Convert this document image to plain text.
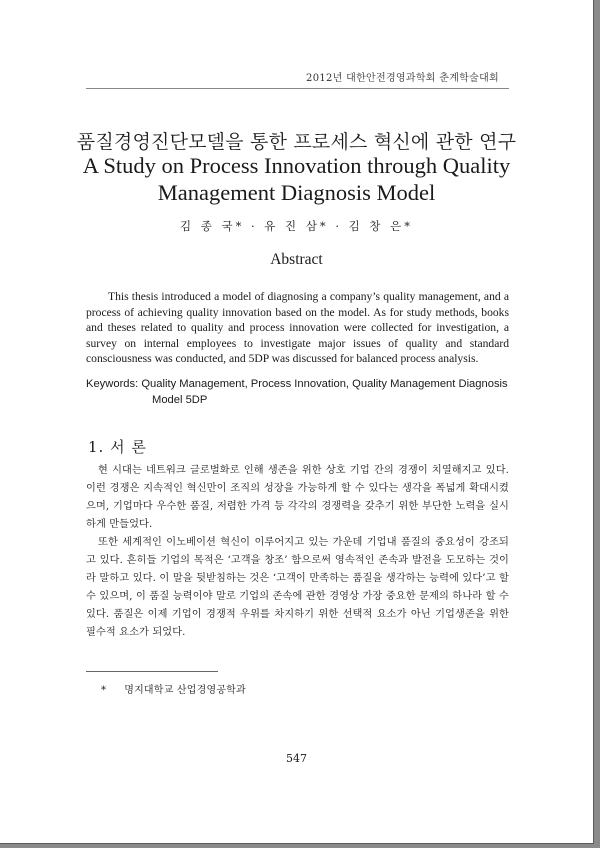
2012년 대한안전경영과학회 춘계학술대회
품질경영진단모델을 통한 프로세스 혁신에 관한 연구
A Study on Process Innovation through Quality
Management Diagnosis Model
김 종 국* · 유 진 삼* · 김 창 은*
Abstract
This thesis introduced a model of diagnosing a company’s quality management, and a process of achieving quality innovation based on the model. As for study methods, books and theses related to quality and process innovation were collected for investigation, a survey on internal employees to investigate major issues of quality and standard consciousness was conducted, and 5DP was discussed for balanced process analysis.
Keywords: Quality Management, Process Innovation, Quality Management Diagnosis
Model 5DP
1. 서 론

현 시대는 네트워크 글로벌화로 인해 생존을 위한 상호 기업 간의 경쟁이 치열해지고 있다. 이런 경쟁은 지속적인 혁신만이 조직의 성장을 가능하게 할 수 있다는 생각을 폭넓게 확대시켰으며, 기업마다 우수한 품질, 저렴한 가격 등 각각의 경쟁력을 갖추기 위한 부단한 노력을 실시하게 만들었다.

또한 세계적인 이노베이션 혁신이 이루어지고 있는 가운데 기업내 품질의 중요성이 강조되고 있다. 흔히들 기업의 목적은 ‘고객을 창조’ 함으로써 영속적인 존속과 발전을 도모하는 것이라 말하고 있다. 이 말을 뒷받침하는 것은 ‘고객이 만족하는 품질을 생각하는 능력에 있다’고 할 수 있으며, 이 품질 능력이야 말로 기업의 존속에 관한 경영상 가장 중요한 문제의 하나라 할 수 있다. 품질은 이제 기업이 경쟁적 우위를 차지하기 위한 선택적 요소가 아닌 기업생존을 위한 필수적 요소가 되었다.

* 명지대학교 산업경영공학과
547
